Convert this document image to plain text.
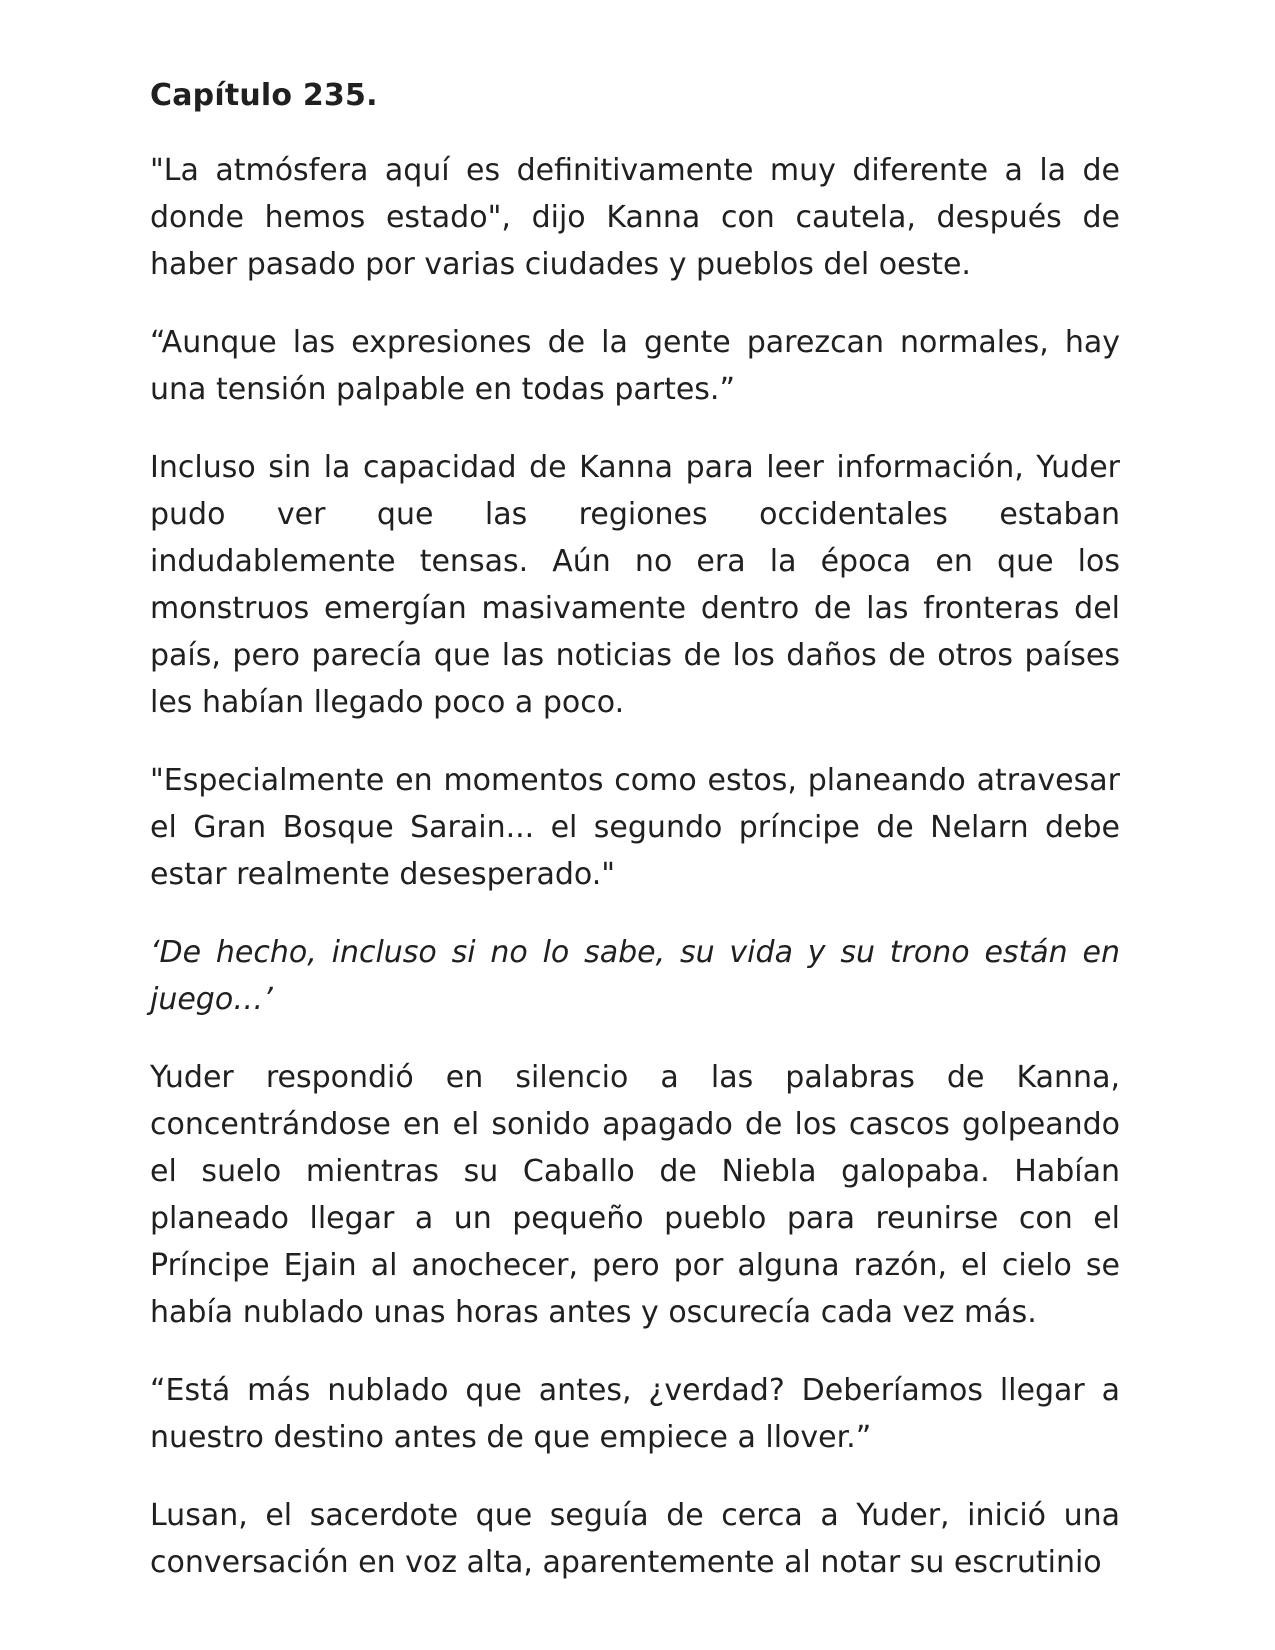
Capítulo 235.

"La atmósfera aquí es definitivamente muy diferente a la de donde hemos estado", dijo Kanna con cautela, después de haber pasado por varias ciudades y pueblos del oeste.

“Aunque las expresiones de la gente parezcan normales, hay una tensión palpable en todas partes.”

Incluso sin la capacidad de Kanna para leer información, Yuder pudo ver que las regiones occidentales estaban indudablemente tensas. Aún no era la época en que los monstruos emergían masivamente dentro de las fronteras del país, pero parecía que las noticias de los daños de otros países les habían llegado poco a poco.

"Especialmente en momentos como estos, planeando atravesar el Gran Bosque Sarain... el segundo príncipe de Nelarn debe estar realmente desesperado."

‘De hecho, incluso si no lo sabe, su vida y su trono están en juego…’

Yuder respondió en silencio a las palabras de Kanna, concentrándose en el sonido apagado de los cascos golpeando el suelo mientras su Caballo de Niebla galopaba. Habían planeado llegar a un pequeño pueblo para reunirse con el Príncipe Ejain al anochecer, pero por alguna razón, el cielo se había nublado unas horas antes y oscurecía cada vez más.

“Está más nublado que antes, ¿verdad? Deberíamos llegar a nuestro destino antes de que empiece a llover.”

Lusan, el sacerdote que seguía de cerca a Yuder, inició una conversación en voz alta, aparentemente al notar su escrutinio
